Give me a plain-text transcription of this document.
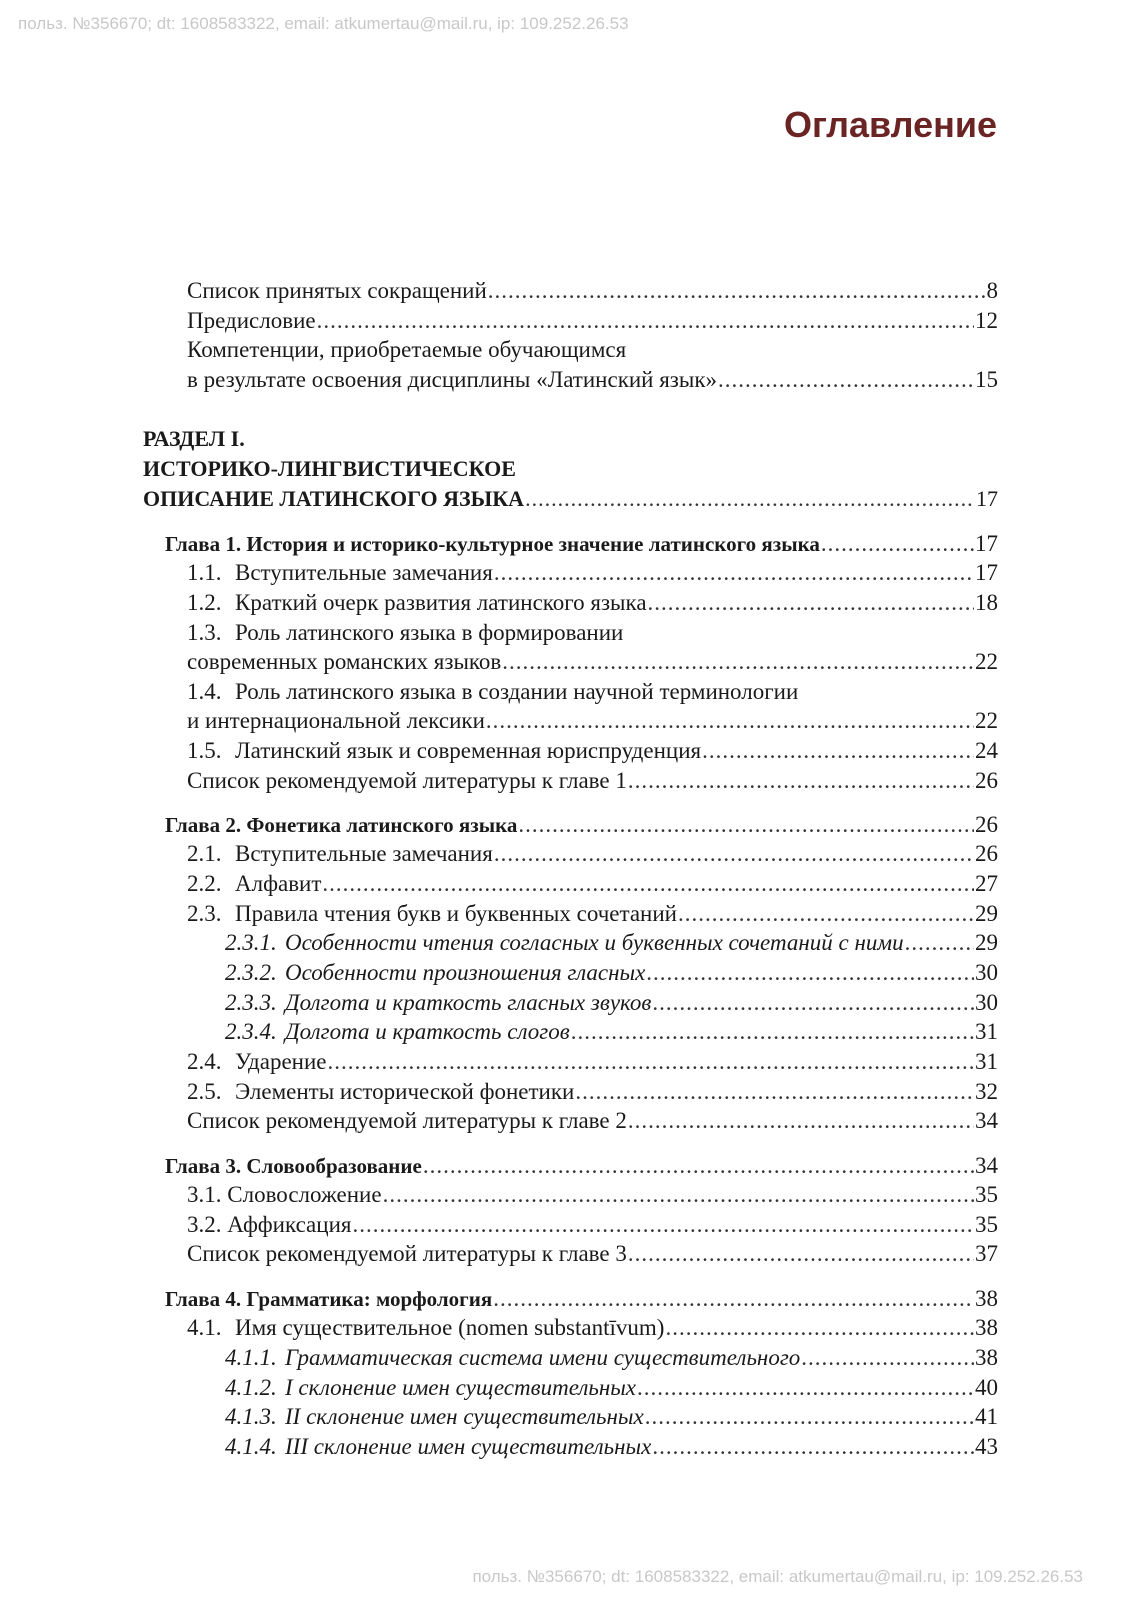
польз. №356670; dt: 1608583322, email: atkumertau@mail.ru, ip: 109.252.26.53
Оглавление
Список принятых сокращений .....	8
Предисловие .....	12
Компетенции, приобретаемые обучающимся
в результате освоения дисциплины «Латинский язык» .....	15
РАЗДЕЛ I.
ИСТОРИКО-ЛИНГВИСТИЧЕСКОЕ
ОПИСАНИЕ ЛАТИНСКОГО ЯЗЫКА .....	17
Глава 1. История и историко-культурное значение латинского языка .....	17
1.1. Вступительные замечания .....	17
1.2. Краткий очерк развития латинского языка .....	18
1.3. Роль латинского языка в формировании
современных романских языков .....	22
1.4. Роль латинского языка в создании научной терминологии
и интернациональной лексики .....	22
1.5. Латинский язык и современная юриспруденция .....	24
Список рекомендуемой литературы к главе 1 .....	26
Глава 2. Фонетика латинского языка .....	26
2.1. Вступительные замечания .....	26
2.2. Алфавит .....	27
2.3. Правила чтения букв и буквенных сочетаний .....	29
2.3.1. Особенности чтения согласных и буквенных сочетаний с ними .....	29
2.3.2. Особенности произношения гласных .....	30
2.3.3. Долгота и краткость гласных звуков .....	30
2.3.4. Долгота и краткость слогов .....	31
2.4. Ударение .....	31
2.5. Элементы исторической фонетики .....	32
Список рекомендуемой литературы к главе 2 .....	34
Глава 3. Словообразование .....	34
3.1. Словосложение .....	35
3.2. Аффиксация .....	35
Список рекомендуемой литературы к главе 3 .....	37
Глава 4. Грамматика: морфология .....	38
4.1. Имя существительное (nomen substantīvum) .....	38
4.1.1. Грамматическая система имени существительного .....	38
4.1.2. I склонение имен существительных .....	40
4.1.3. II склонение имен существительных .....	41
4.1.4. III склонение имен существительных .....	43
польз. №356670; dt: 1608583322, email: atkumertau@mail.ru, ip: 109.252.26.53
